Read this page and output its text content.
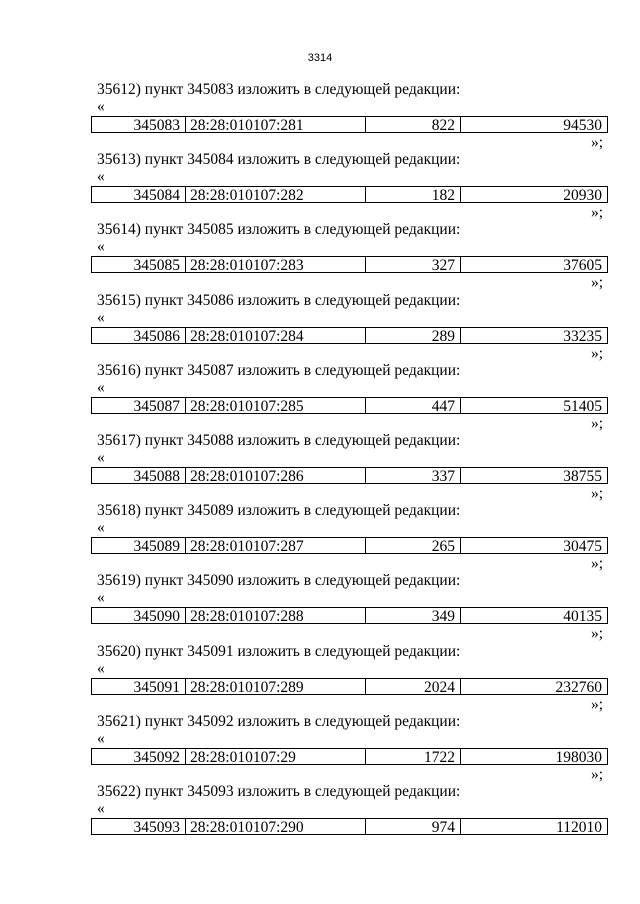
3314
35612) пункт 345083 изложить в следующей редакции:
«
345083 28:28:010107:281	822	94530
»;
35613) пункт 345084 изложить в следующей редакции:
«
345084 28:28:010107:282	182	20930
»;
35614) пункт 345085 изложить в следующей редакции:
«
345085 28:28:010107:283	327	37605
»;
35615) пункт 345086 изложить в следующей редакции:
«
345086 28:28:010107:284	289	33235
»;
35616) пункт 345087 изложить в следующей редакции:
«
345087 28:28:010107:285	447	51405
»;
35617) пункт 345088 изложить в следующей редакции:
«
345088 28:28:010107:286	337	38755
»;
35618) пункт 345089 изложить в следующей редакции:
«
345089 28:28:010107:287	265	30475
»;
35619) пункт 345090 изложить в следующей редакции:
«
345090 28:28:010107:288	349	40135
»;
35620) пункт 345091 изложить в следующей редакции:
«
345091 28:28:010107:289	2024	232760
»;
35621) пункт 345092 изложить в следующей редакции:
«
345092 28:28:010107:29	1722	198030
»;
35622) пункт 345093 изложить в следующей редакции:
«
345093 28:28:010107:290	974	112010
